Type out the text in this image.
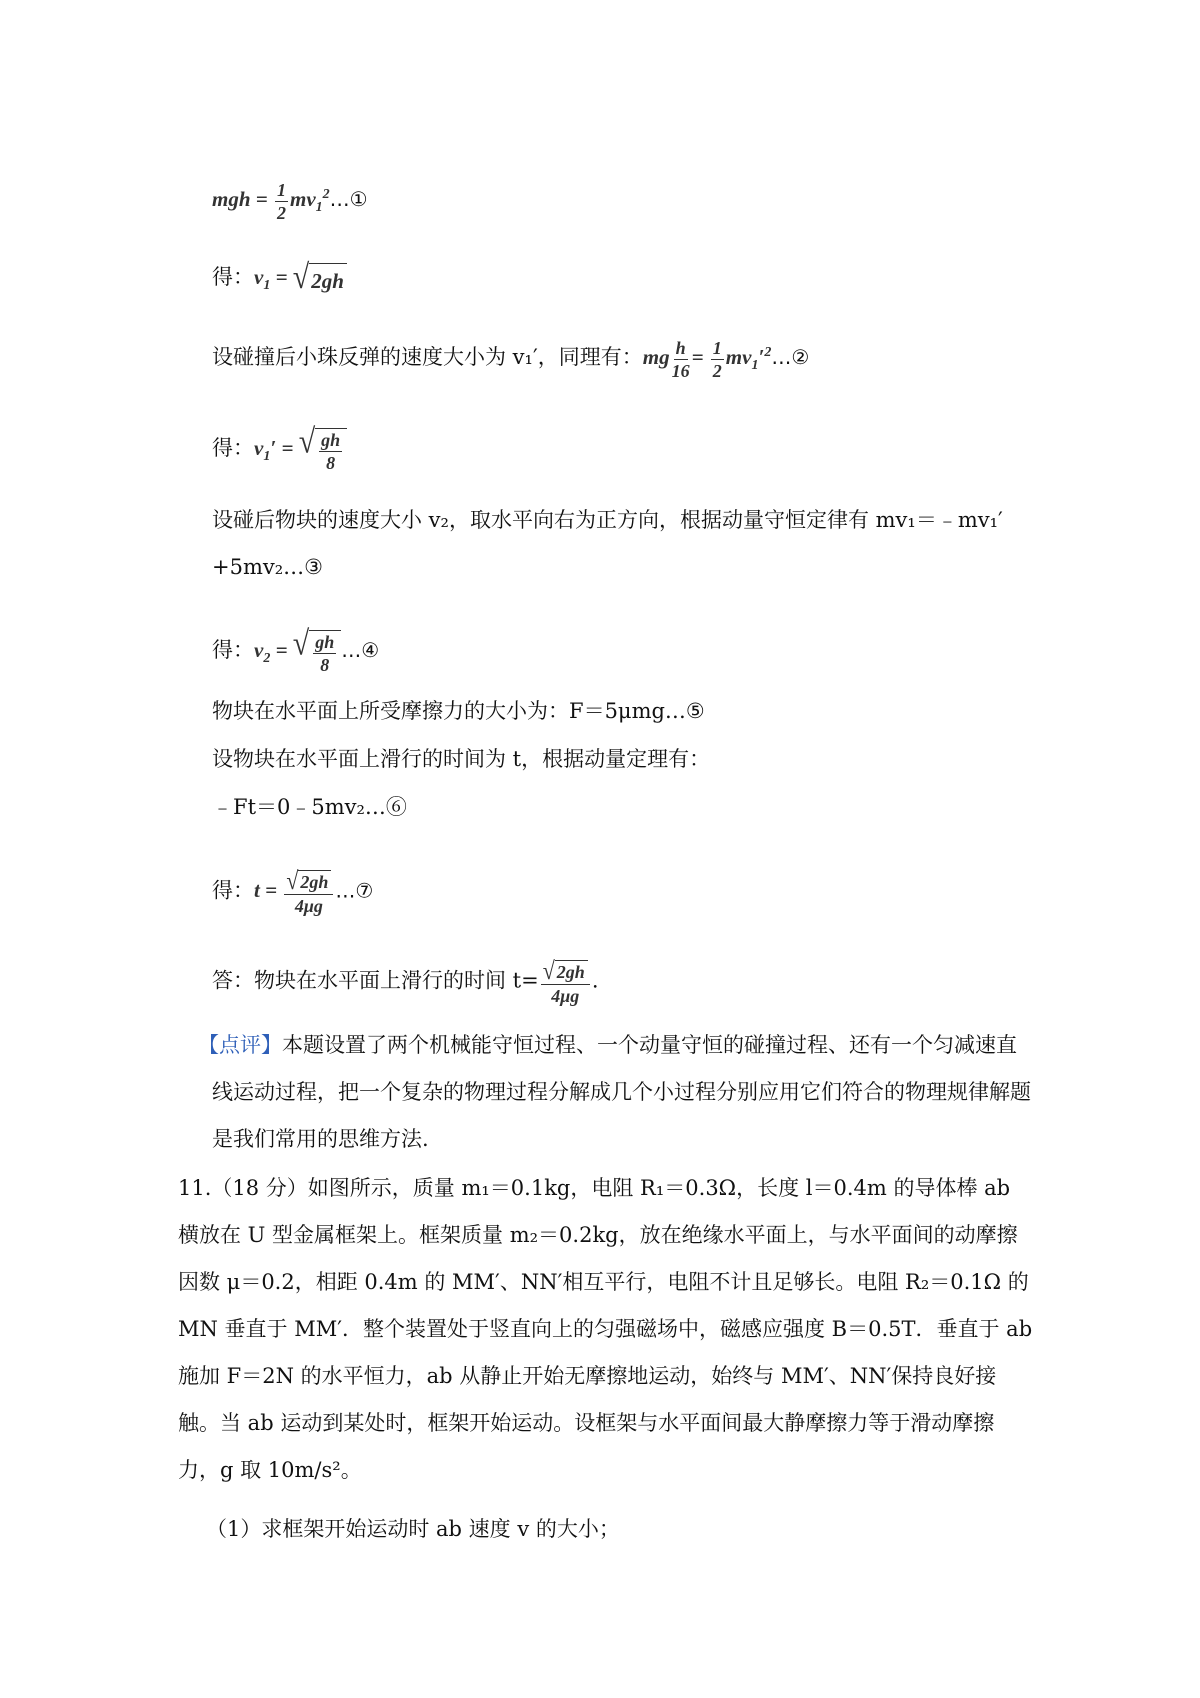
mgh = $\frac{1}{2}$ $mv_1^2\dots ①$
得：$v_1$ = √ 2gh
设碰撞后小珠反弹的速度大小为 v₁′，同理有：mg $\frac{h}{16} = \frac{1}{2}$ $mv_1'^2\dots ②$
得：$v_1'$ = √ $\frac{gh}{8}$
设碰后物块的速度大小 v₂，取水平向右为正方向，根据动量守恒定律有 mv₁＝﹣mv₁′
+5mv₂…③
得：$v_2$ = √ $\frac{gh}{8}$ …④
物块在水平面上所受摩擦力的大小为：F＝5μmg…⑤
设物块在水平面上滑行的时间为 t，根据动量定理有：
﹣Ft＝0﹣5mv₂…⑥
得：$t = \frac{√ 2gh}{4\mu g}$ …⑦
答：物块在水平面上滑行的时间 $t= \frac{√ 2gh}{4\mu g}$ .
【点评】本题设置了两个机械能守恒过程、一个动量守恒的碰撞过程、还有一个匀减速直线运动过程，把一个复杂的物理过程分解成几个小过程分别应用它们符合的物理规律解题是我们常用的思维方法.
11.（18 分）如图所示，质量 m₁＝0.1kg，电阻 R₁＝0.3Ω，长度 l＝0.4m 的导体棒 ab 横放在 U 型金属框架上。框架质量 m₂＝0.2kg，放在绝缘水平面上，与水平面间的动摩擦因数 μ＝0.2，相距 0.4m 的 MM′、NN′相互平行，电阻不计且足够长。电阻 R₂＝0.1Ω 的 MN 垂直于 MM′．整个装置处于竖直向上的匀强磁场中，磁感应强度 B＝0.5T．垂直于 ab 施加 F＝2N 的水平恒力，ab 从静止开始无摩擦地运动，始终与 MM′、NN′保持良好接触。当 ab 运动到某处时，框架开始运动。设框架与水平面间最大静摩擦力等于滑动摩擦力，g 取 10m/s²。
（1）求框架开始运动时 ab 速度 v 的大小；
